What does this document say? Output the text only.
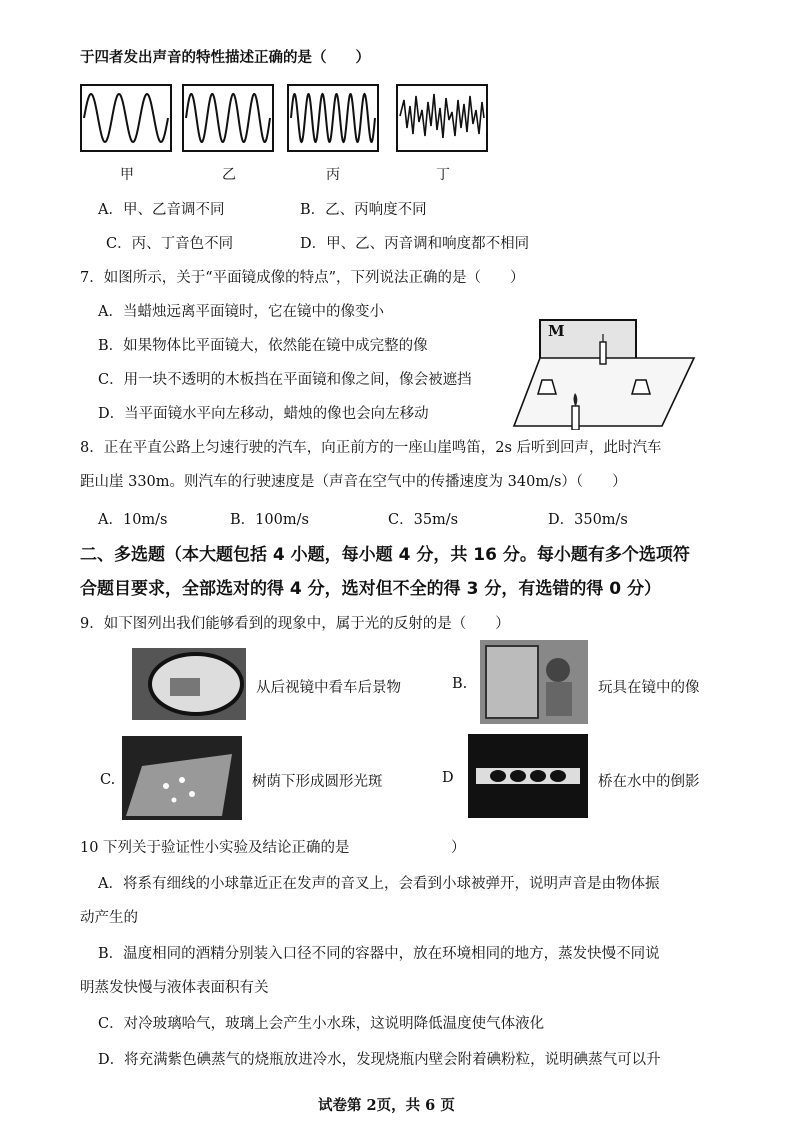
于四者发出声音的特性描述正确的是（　　）
甲	乙	丙	丁
A．甲、乙音调不同	B．乙、丙响度不同
C．丙、丁音色不同	D．甲、乙、丙音调和响度都不相同
7．如图所示，关于“平面镜成像的特点”，下列说法正确的是（　　）
A．当蜡烛远离平面镜时，它在镜中的像变小
B．如果物体比平面镜大，依然能在镜中成完整的像
C．用一块不透明的木板挡在平面镜和像之间，像会被遮挡
D．当平面镜水平向左移动，蜡烛的像也会向左移动
M
8．正在平直公路上匀速行驶的汽车，向正前方的一座山崖鸣笛，2s 后听到回声，此时汽车
距山崖 330m。则汽车的行驶速度是（声音在空气中的传播速度为 340m/s）（　　）
A．10m/s	B．100m/s	C．35m/s	D．350m/s
二、多选题（本大题包括 4 小题，每小题 4 分，共 16 分。每小题有多个选项符
合题目要求，全部选对的得 4 分，选对但不全的得 3 分，有选错的得 0 分）
9．如下图列出我们能够看到的现象中，属于光的反射的是（　　）
从后视镜中看车后景物	B.	玩具在镜中的像
C.	树荫下形成圆形光斑	D	桥在水中的倒影
10 下列关于验证性小实验及结论正确的是　　　　　　　）
A．将系有细线的小球靠近正在发声的音叉上，会看到小球被弹开，说明声音是由物体振
动产生的
B．温度相同的酒精分别装入口径不同的容器中，放在环境相同的地方，蒸发快慢不同说
明蒸发快慢与液体表面积有关
C．对冷玻璃哈气，玻璃上会产生小水珠，这说明降低温度使气体液化
D．将充满紫色碘蒸气的烧瓶放进冷水，发现烧瓶内壁会附着碘粉粒，说明碘蒸气可以升
试卷第 2页，共 6 页
